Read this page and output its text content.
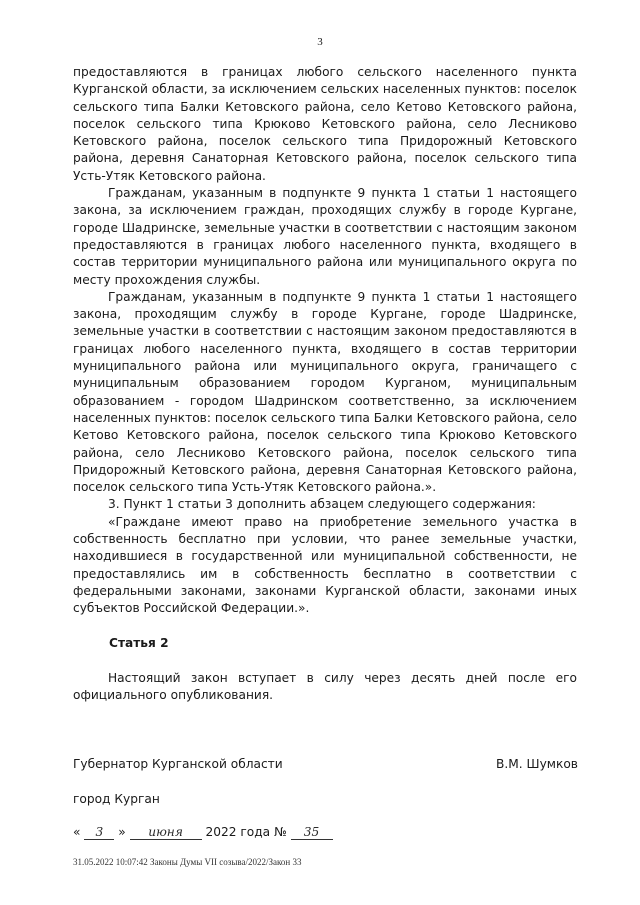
3

предоставляются в границах любого сельского населенного пункта Курганской области, за исключением сельских населенных пунктов: поселок сельского типа Балки Кетовского района, село Кетово Кетовского района, поселок сельского типа Крюково Кетовского района, село Лесниково Кетовского района, поселок сельского типа Придорожный Кетовского района, деревня Санаторная Кетовского района, поселок сельского типа Усть-Утяк Кетовского района.

Гражданам, указанным в подпункте 9 пункта 1 статьи 1 настоящего закона, за исключением граждан, проходящих службу в городе Кургане, городе Шадринске, земельные участки в соответствии с настоящим законом предоставляются в границах любого населенного пункта, входящего в состав территории муниципального района или муниципального округа по месту прохождения службы.

Гражданам, указанным в подпункте 9 пункта 1 статьи 1 настоящего закона, проходящим службу в городе Кургане, городе Шадринске, земельные участки в соответствии с настоящим законом предоставляются в границах любого населенного пункта, входящего в состав территории муниципального района или муниципального округа, граничащего с муниципальным образованием городом Курганом, муниципальным образованием - городом Шадринском соответственно, за исключением населенных пунктов: поселок сельского типа Балки Кетовского района, село Кетово Кетовского района, поселок сельского типа Крюково Кетовского района, село Лесниково Кетовского района, поселок сельского типа Придорожный Кетовского района, деревня Санаторная Кетовского района, поселок сельского типа Усть-Утяк Кетовского района.».

3. Пункт 1 статьи 3 дополнить абзацем следующего содержания:

«Граждане имеют право на приобретение земельного участка в собственность бесплатно при условии, что ранее земельные участки, находившиеся в государственной или муниципальной собственности, не предоставлялись им в собственность бесплатно в соответствии с федеральными законами, законами Курганской области, законами иных субъектов Российской Федерации.».

Статья 2

Настоящий закон вступает в силу через десять дней после его официального опубликования.

Губернатор Курганской области	В.М. Шумков
город Курган
« 3 » июня 2022 года № 35
31.05.2022 10:07:42 Законы Думы VII созыва/2022/Закон 33
